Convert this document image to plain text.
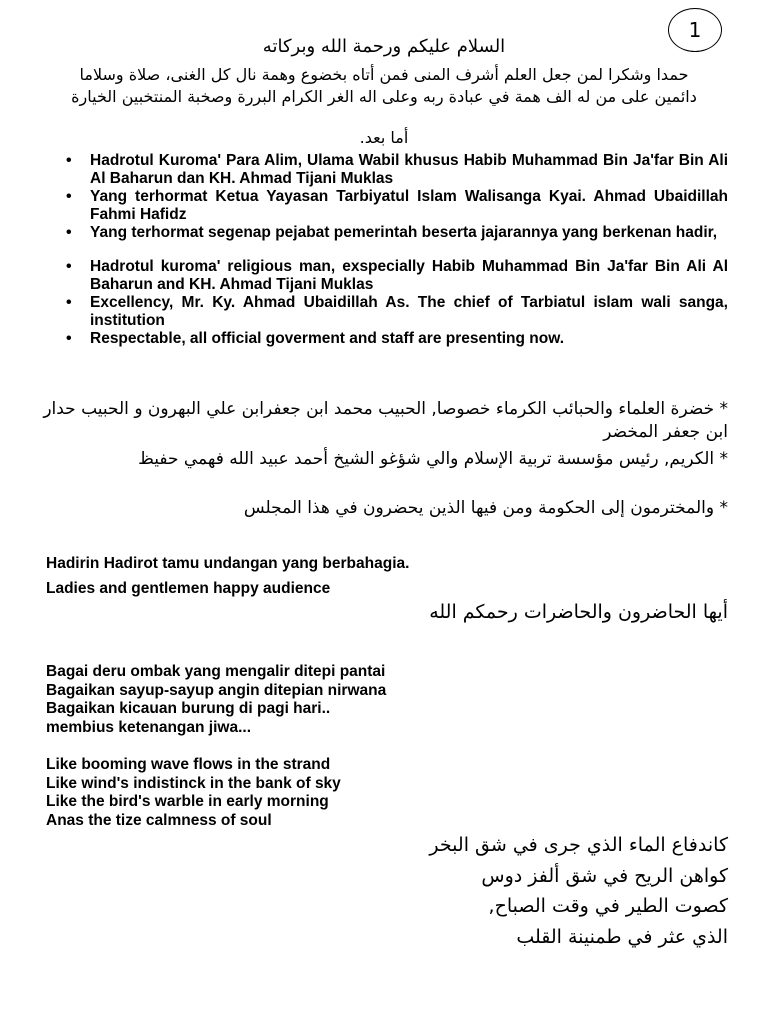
1
السلام عليكم ورحمة الله وبركاته
حمدا وشكرا لمن جعل العلم أشرف المنى فمن أتاه بخضوع وهمة نال كل الغنى، صلاة وسلاما دائمين على من له الف همة في عبادة ربه وعلى اله الغر الكرام البررة وصخبة المنتخبين الخيارة
أما بعد.
• Hadrotul Kuroma' Para Alim, Ulama Wabil khusus Habib Muhammad Bin Ja'far Bin Ali Al Baharun dan KH. Ahmad Tijani Muklas
• Yang terhormat Ketua Yayasan Tarbiyatul Islam Walisanga Kyai. Ahmad Ubaidillah Fahmi Hafidz
• Yang terhormat segenap pejabat pemerintah beserta jajarannya yang berkenan hadir,
• Hadrotul kuroma' religious man, exspecially Habib Muhammad Bin Ja'far Bin Ali Al Baharun and KH. Ahmad Tijani Muklas
• Excellency, Mr. Ky. Ahmad Ubaidillah As. The chief of Tarbiatul islam wali sanga, institution
• Respectable, all official goverment and staff are presenting now.
* خضرة العلماء والحبائب الكرماء خصوصا, الحبيب محمد ابن جعفرابن علي البهرون و الحبيب حدار ابن جعفر المخضر
* الكريم, رئيس مؤسسة تربية الإسلام والي شؤغو الشيخ أحمد عبيد الله فهمي حفيظ
* والمخترمون إلى الحكومة ومن فيها الذين يحضرون في هذا المجلس
Hadirin Hadirot tamu undangan yang berbahagia.
Ladies and gentlemen happy audience
أيها الحاضرون والحاضرات رحمكم الله
Bagai deru ombak yang mengalir ditepi pantai
Bagaikan sayup-sayup angin ditepian nirwana
Bagaikan kicauan burung di pagi hari..
membius ketenangan jiwa...
Like booming wave flows in the strand
Like wind's indistinck in the bank of sky
Like the bird's warble in early morning
Anas the tize calmness of soul
كاندفاع الماء الذي جرى في شق البخر
كواهن الريح في شق ألفز دوس
كصوت الطير في وقت الصباح,
الذي عثر في طمنينة القلب
